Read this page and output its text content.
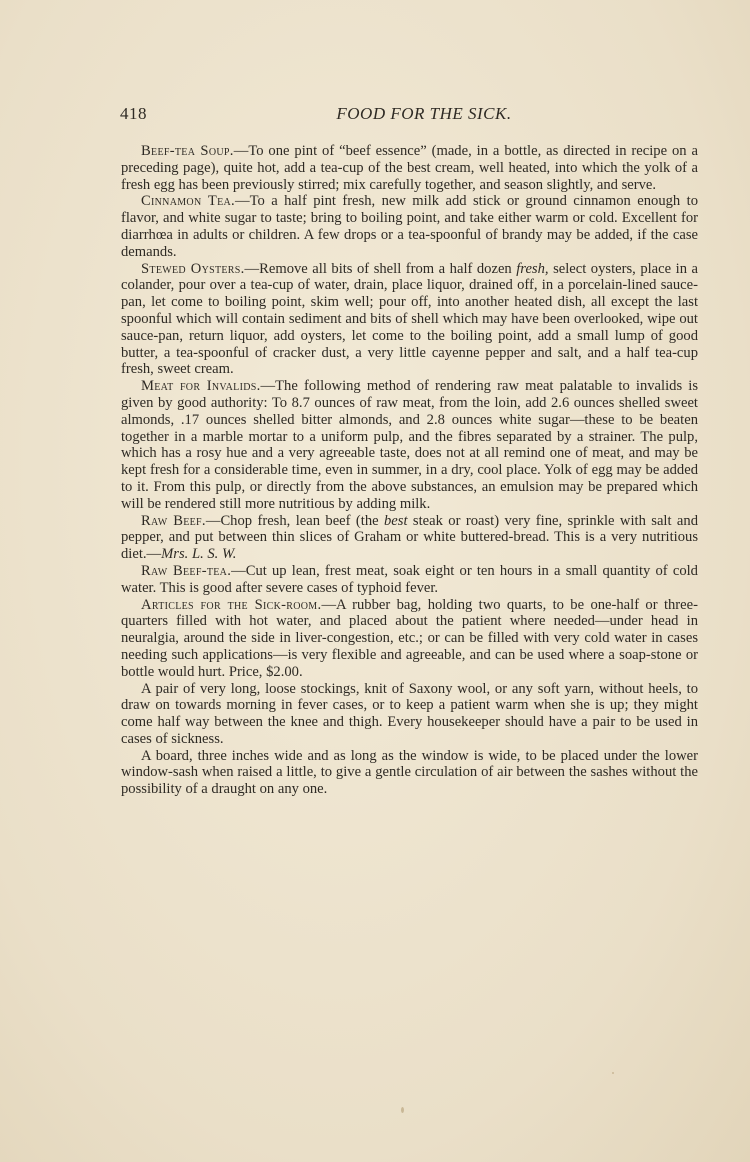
418	FOOD FOR THE SICK.

Beef-tea Soup.—To one pint of “beef essence” (made, in a bottle, as directed in recipe on a preceding page), quite hot, add a tea-cup of the best cream, well heated, into which the yolk of a fresh egg has been previously stirred; mix carefully together, and season slightly, and serve.

Cinnamon Tea.—To a half pint fresh, new milk add stick or ground cinnamon enough to flavor, and white sugar to taste; bring to boiling point, and take either warm or cold. Excellent for diarrhœa in adults or children. A few drops or a tea-spoonful of brandy may be added, if the case demands.

Stewed Oysters.—Remove all bits of shell from a half dozen fresh, select oysters, place in a colander, pour over a tea-cup of water, drain, place liquor, drained off, in a porcelain-lined sauce-pan, let come to boiling point, skim well; pour off, into another heated dish, all except the last spoonful which will contain sediment and bits of shell which may have been overlooked, wipe out sauce-pan, return liquor, add oysters, let come to the boiling point, add a small lump of good butter, a tea-spoonful of cracker dust, a very little cayenne pepper and salt, and a half tea-cup fresh, sweet cream.

Meat for Invalids.—The following method of rendering raw meat palatable to invalids is given by good authority: To 8.7 ounces of raw meat, from the loin, add 2.6 ounces shelled sweet almonds, .17 ounces shelled bitter almonds, and 2.8 ounces white sugar—these to be beaten together in a marble mortar to a uniform pulp, and the fibres separated by a strainer. The pulp, which has a rosy hue and a very agreeable taste, does not at all remind one of meat, and may be kept fresh for a considerable time, even in summer, in a dry, cool place. Yolk of egg may be added to it. From this pulp, or directly from the above substances, an emulsion may be prepared which will be rendered still more nutritious by adding milk.

Raw Beef.—Chop fresh, lean beef (the best steak or roast) very fine, sprinkle with salt and pepper, and put between thin slices of Graham or white buttered-bread. This is a very nutritious diet.—Mrs. L. S. W.

Raw Beef-tea.—Cut up lean, frest meat, soak eight or ten hours in a small quantity of cold water. This is good after severe cases of typhoid fever.

Articles for the Sick-room.—A rubber bag, holding two quarts, to be one-half or three-quarters filled with hot water, and placed about the patient where needed—under head in neuralgia, around the side in liver-congestion, etc.; or can be filled with very cold water in cases needing such applications—is very flexible and agreeable, and can be used where a soap-stone or bottle would hurt. Price, $2.00.

A pair of very long, loose stockings, knit of Saxony wool, or any soft yarn, without heels, to draw on towards morning in fever cases, or to keep a patient warm when she is up; they might come half way between the knee and thigh. Every housekeeper should have a pair to be used in cases of sickness.

A board, three inches wide and as long as the window is wide, to be placed under the lower window-sash when raised a little, to give a gentle circulation of air between the sashes without the possibility of a draught on any one.
